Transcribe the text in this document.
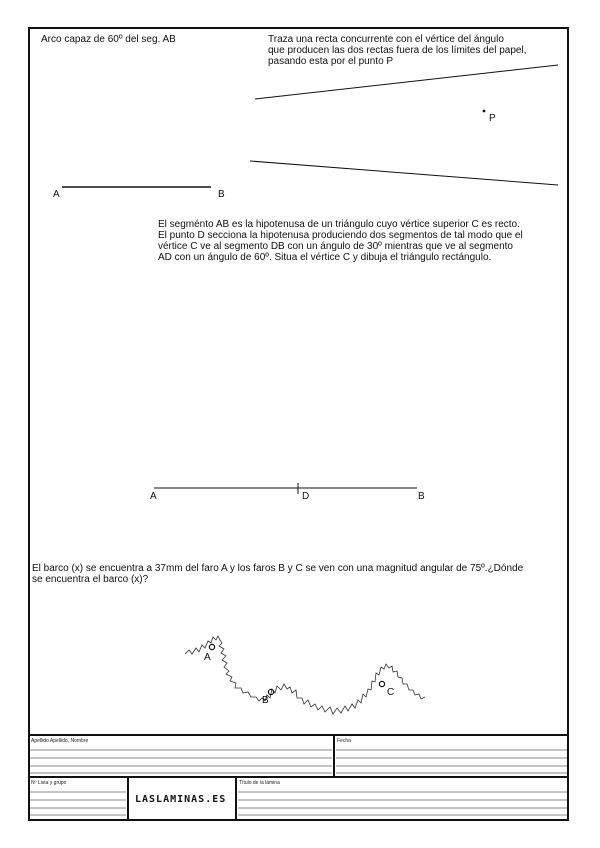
Arco capaz de 60º del seg. AB	Traza una recta concurrente con el vértice del ángulo
que producen las dos rectas fuera de los límites del papel,
pasando esta por el punto P
El segménto AB es la hipotenusa de un triángulo cuyo vértice superior C es recto.
El punto D secciona la hipotenusa produciendo dos segmentos de tal modo que el
vértice C ve al segmento DB con un ángulo de 30º mientras que ve al segmento
AD con un ángulo de 60º. Situa el vértice C y dibuja el triángulo rectángulo.
El barco (x) se encuentra a 37mm del faro A y los faros B y C se ven con una magnitud angular de 75º.¿Dónde
se encuentra el barco (x)?
A	B
P
A	D	B
A
B
C
Apellido Apellido, Nombre	Fecha
Nº Lista y grupo	Título de la lámina
LASLAMINAS.ES
